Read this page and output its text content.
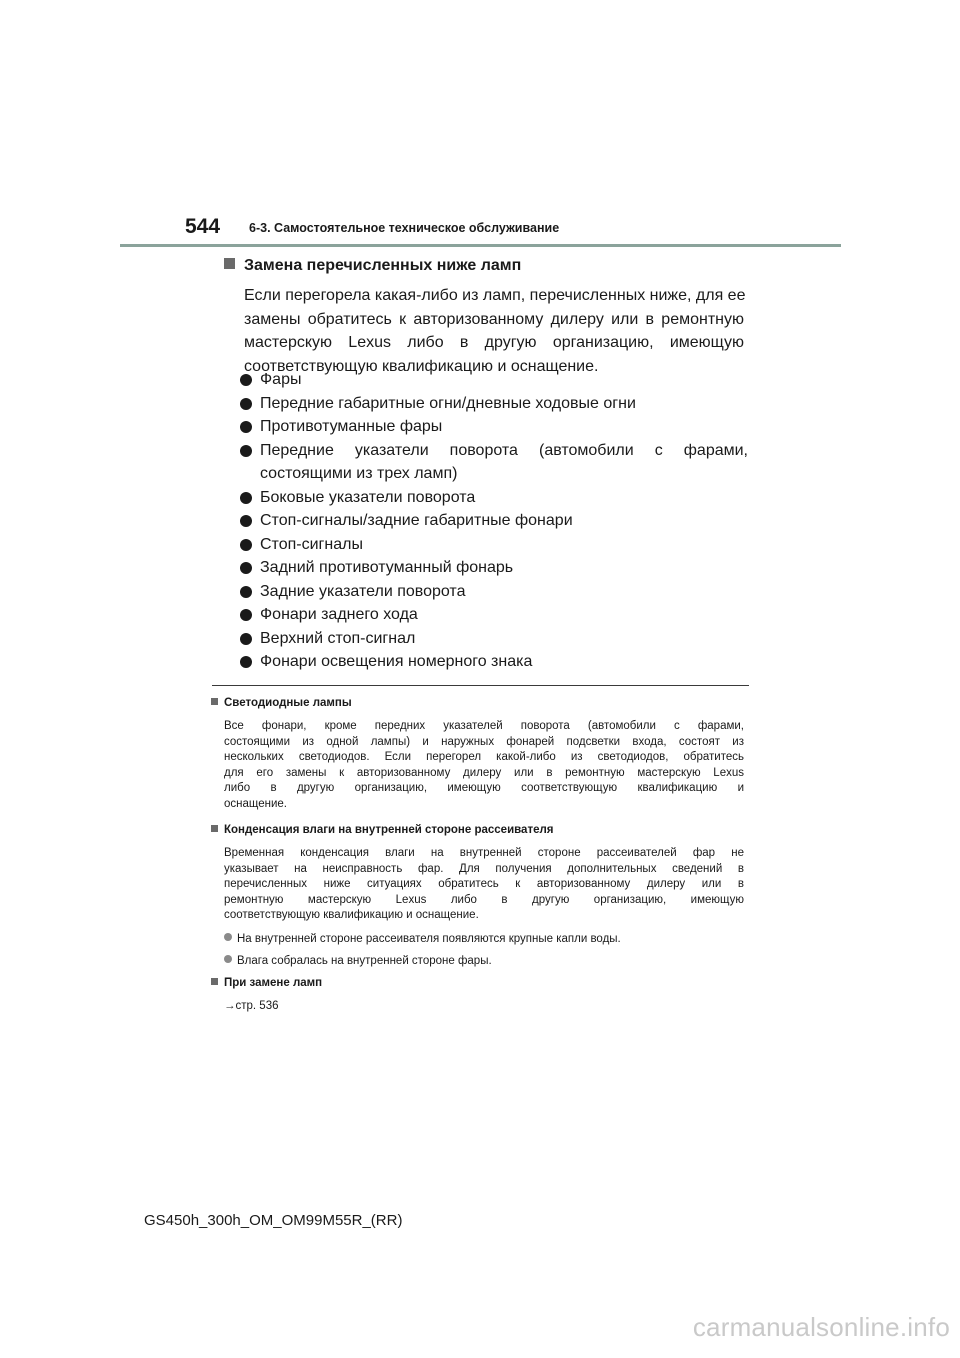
544 6-3. Самостоятельное техническое обслуживание
Замена перечисленных ниже ламп
Если перегорела какая-либо из ламп, перечисленных ниже, для ее
замены обратитесь к авторизованному дилеру или в ремонтную
мастерскую Lexus либо в другую организацию, имеющую
соответствующую квалификацию и оснащение.
Фары
Передние габаритные огни/дневные ходовые огни
Противотуманные фары
Передние указатели поворота (автомобили с фарами,
состоящими из трех ламп)
Боковые указатели поворота
Стоп-сигналы/задние габаритные фонари
Стоп-сигналы
Задний противотуманный фонарь
Задние указатели поворота
Фонари заднего хода
Верхний стоп-сигнал
Фонари освещения номерного знака
Светодиодные лампы
Все фонари, кроме передних указателей поворота (автомобили с фарами,
состоящими из одной лампы) и наружных фонарей подсветки входа, состоят из
нескольких светодиодов. Если перегорел какой-либо из светодиодов, обратитесь
для его замены к авторизованному дилеру или в ремонтную мастерскую Lexus
либо в другую организацию, имеющую соответствующую квалификацию и
оснащение.
Конденсация влаги на внутренней стороне рассеивателя
Временная конденсация влаги на внутренней стороне рассеивателей фар не
указывает на неисправность фар. Для получения дополнительных сведений в
перечисленных ниже ситуациях обратитесь к авторизованному дилеру или в
ремонтную мастерскую Lexus либо в другую организацию, имеющую
соответствующую квалификацию и оснащение.
На внутренней стороне рассеивателя появляются крупные капли воды.
Влага собралась на внутренней стороне фары.
При замене ламп
→стр. 536
GS450h_300h_OM_OM99M55R_(RR)
carmanualsonline.info
